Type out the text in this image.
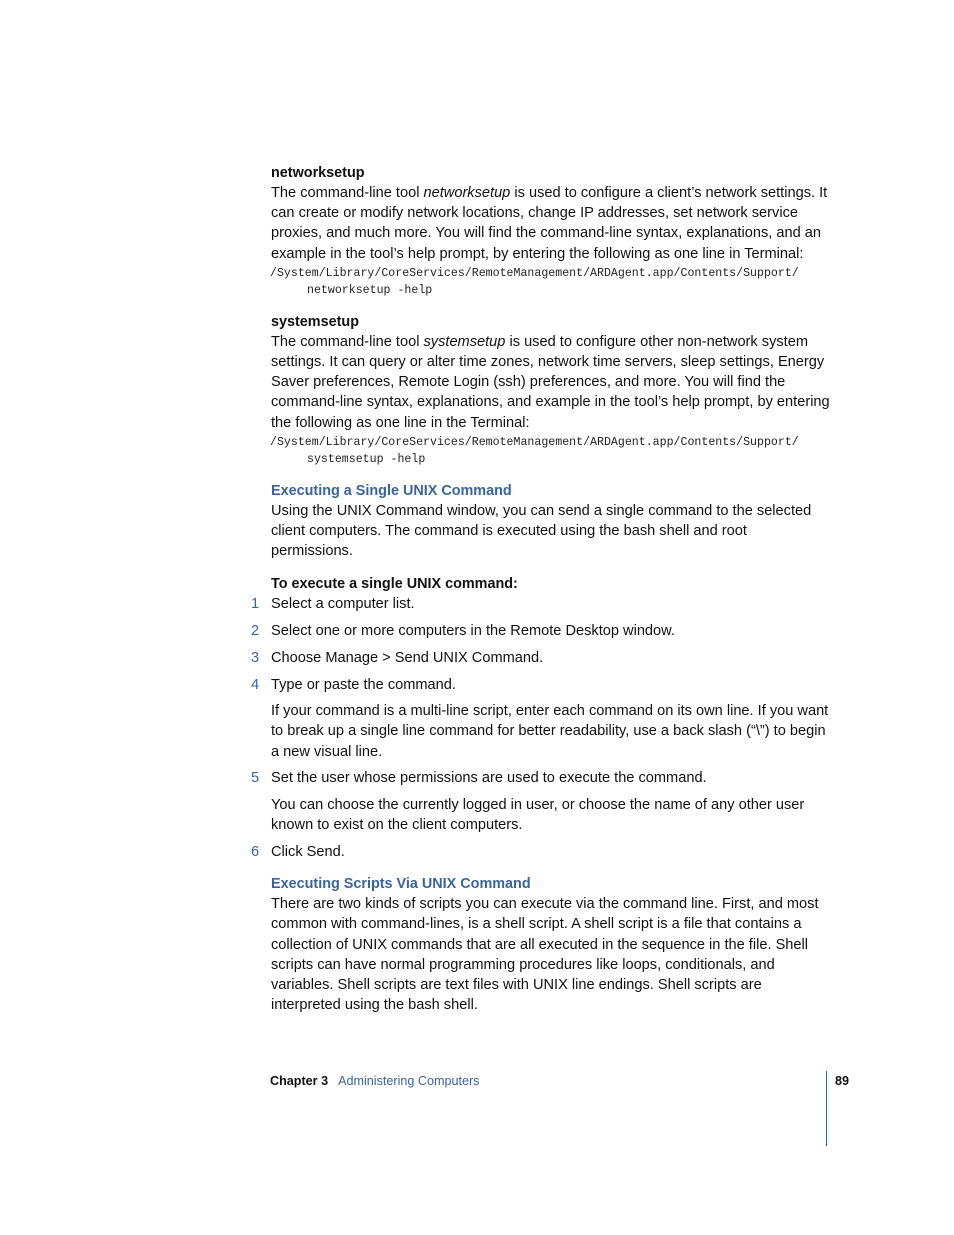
networksetup

The command-line tool networksetup is used to configure a client’s network settings. It can create or modify network locations, change IP addresses, set network service proxies, and much more. You will find the command-line syntax, explanations, and an example in the tool’s help prompt, by entering the following as one line in Terminal:

/System/Library/CoreServices/RemoteManagement/ARDAgent.app/Contents/Support/
networksetup -help

systemsetup

The command-line tool systemsetup is used to configure other non-network system settings. It can query or alter time zones, network time servers, sleep settings, Energy Saver preferences, Remote Login (ssh) preferences, and more. You will find the command-line syntax, explanations, and example in the tool’s help prompt, by entering the following as one line in the Terminal:

/System/Library/CoreServices/RemoteManagement/ARDAgent.app/Contents/Support/
systemsetup -help

Executing a Single UNIX Command

Using the UNIX Command window, you can send a single command to the selected client computers. The command is executed using the bash shell and root permissions.

To execute a single UNIX command:

1 Select a computer list.
2 Select one or more computers in the Remote Desktop window.
3 Choose Manage > Send UNIX Command.
4 Type or paste the command.
If your command is a multi-line script, enter each command on its own line. If you want to break up a single line command for better readability, use a back slash (“\”) to begin a new visual line.
5 Set the user whose permissions are used to execute the command.
You can choose the currently logged in user, or choose the name of any other user known to exist on the client computers.
6 Click Send.

Executing Scripts Via UNIX Command

There are two kinds of scripts you can execute via the command line. First, and most common with command-lines, is a shell script. A shell script is a file that contains a collection of UNIX commands that are all executed in the sequence in the file. Shell scripts can have normal programming procedures like loops, conditionals, and variables. Shell scripts are text files with UNIX line endings. Shell scripts are interpreted using the bash shell.

Chapter 3 Administering Computers	89
